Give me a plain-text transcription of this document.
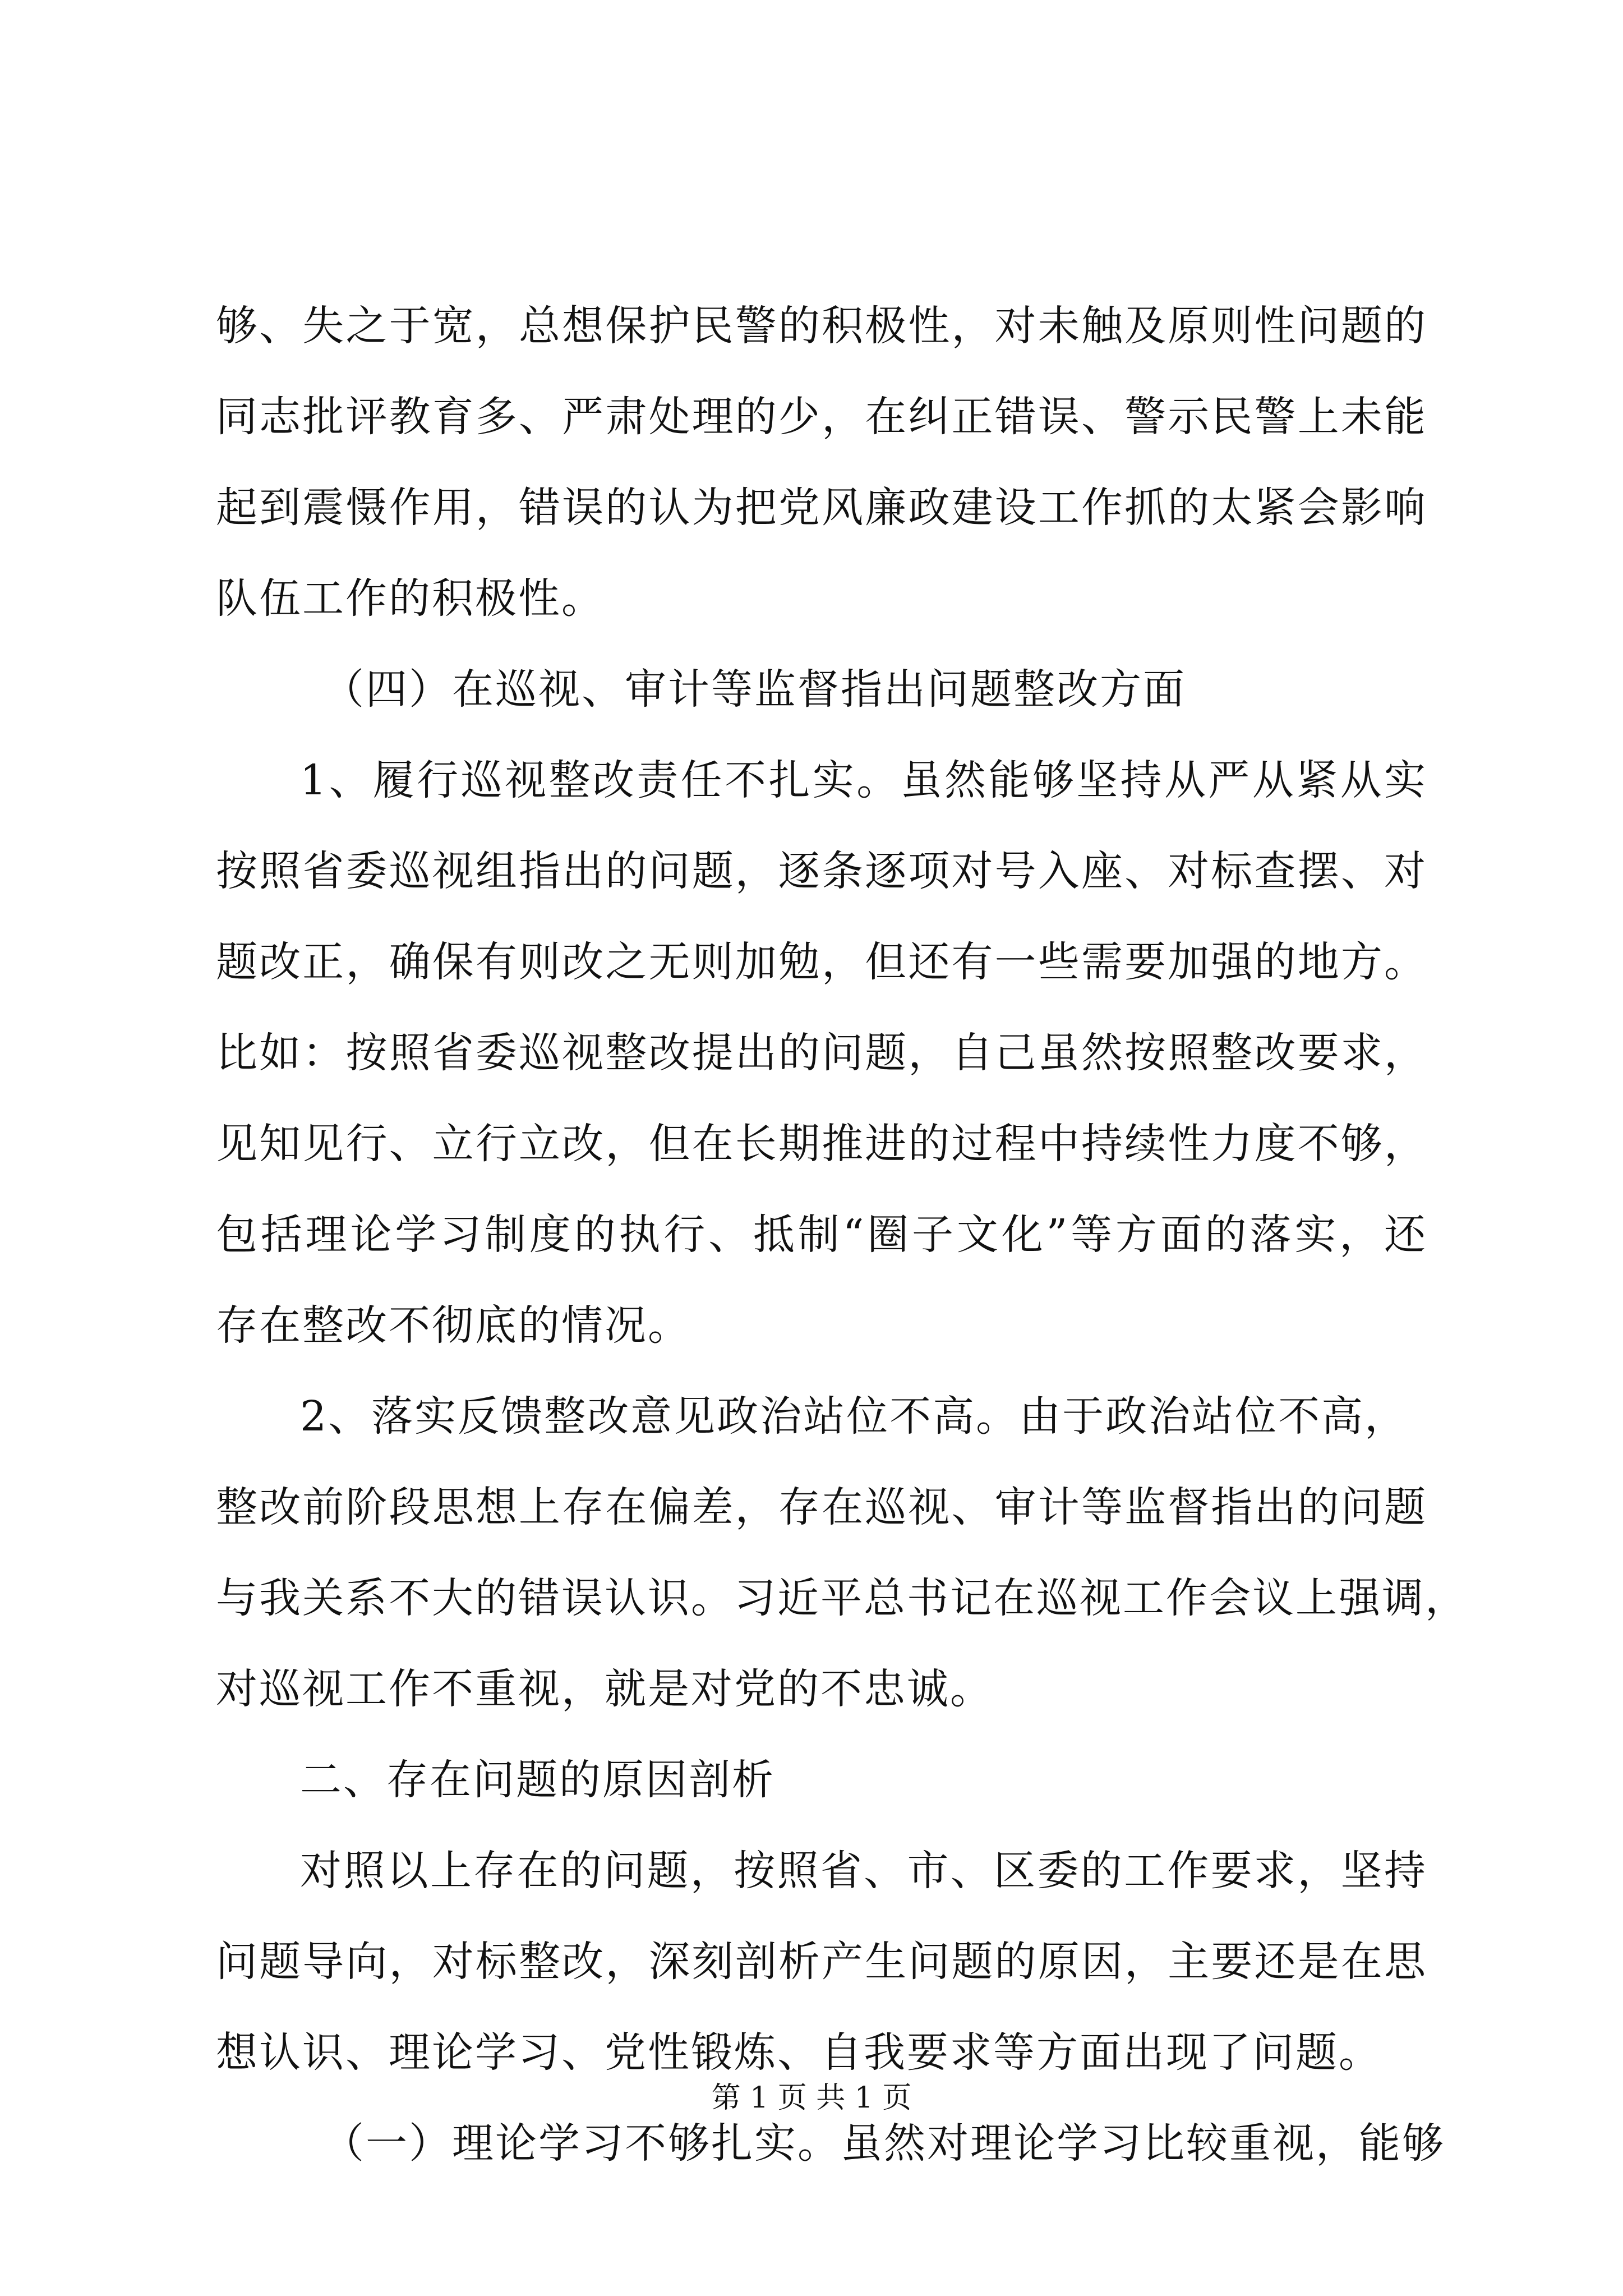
够、失之于宽，总想保护民警的积极性，对未触及原则性问题的
同志批评教育多、严肃处理的少，在纠正错误、警示民警上未能
起到震慑作用，错误的认为把党风廉政建设工作抓的太紧会影响
队伍工作的积极性。
（四）在巡视、审计等监督指出问题整改方面
1、履行巡视整改责任不扎实。虽然能够坚持从严从紧从实
按照省委巡视组指出的问题，逐条逐项对号入座、对标查摆、对
题改正，确保有则改之无则加勉，但还有一些需要加强的地方。
比如：按照省委巡视整改提出的问题，自己虽然按照整改要求，
见知见行、立行立改，但在长期推进的过程中持续性力度不够，
包括理论学习制度的执行、抵制“圈子文化”等方面的落实，还
存在整改不彻底的情况。
2、落实反馈整改意见政治站位不高。由于政治站位不高，
整改前阶段思想上存在偏差，存在巡视、审计等监督指出的问题
与我关系不大的错误认识。习近平总书记在巡视工作会议上强调，
对巡视工作不重视，就是对党的不忠诚。
二、存在问题的原因剖析
对照以上存在的问题，按照省、市、区委的工作要求，坚持
问题导向，对标整改，深刻剖析产生问题的原因，主要还是在思
想认识、理论学习、党性锻炼、自我要求等方面出现了问题。
（一）理论学习不够扎实。虽然对理论学习比较重视，能够
第 1 页 共 1 页
